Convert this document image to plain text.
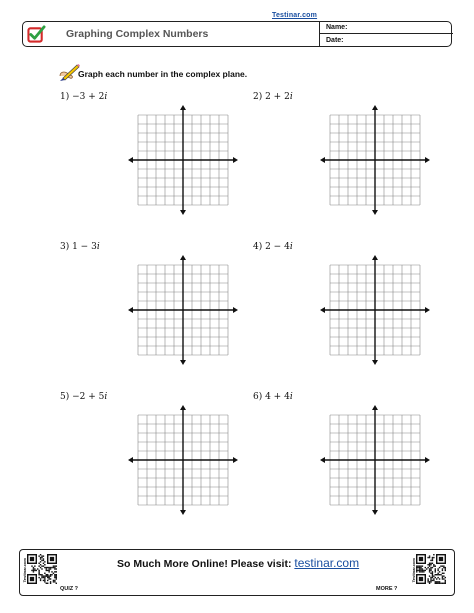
Testinar.com
Graphing Complex Numbers
Name:
Date:
Graph each number in the complex plane.
1) −3 + 2𝑖	2) 2 + 2𝑖
3) 1 − 3𝑖	4) 2 − 4𝑖
5) −2 + 5𝑖	6) 4 + 4𝑖
Testinar.com
QUIZ ?
So Much More Online! Please visit: testinar.com
MORE ?
Testinar.com
